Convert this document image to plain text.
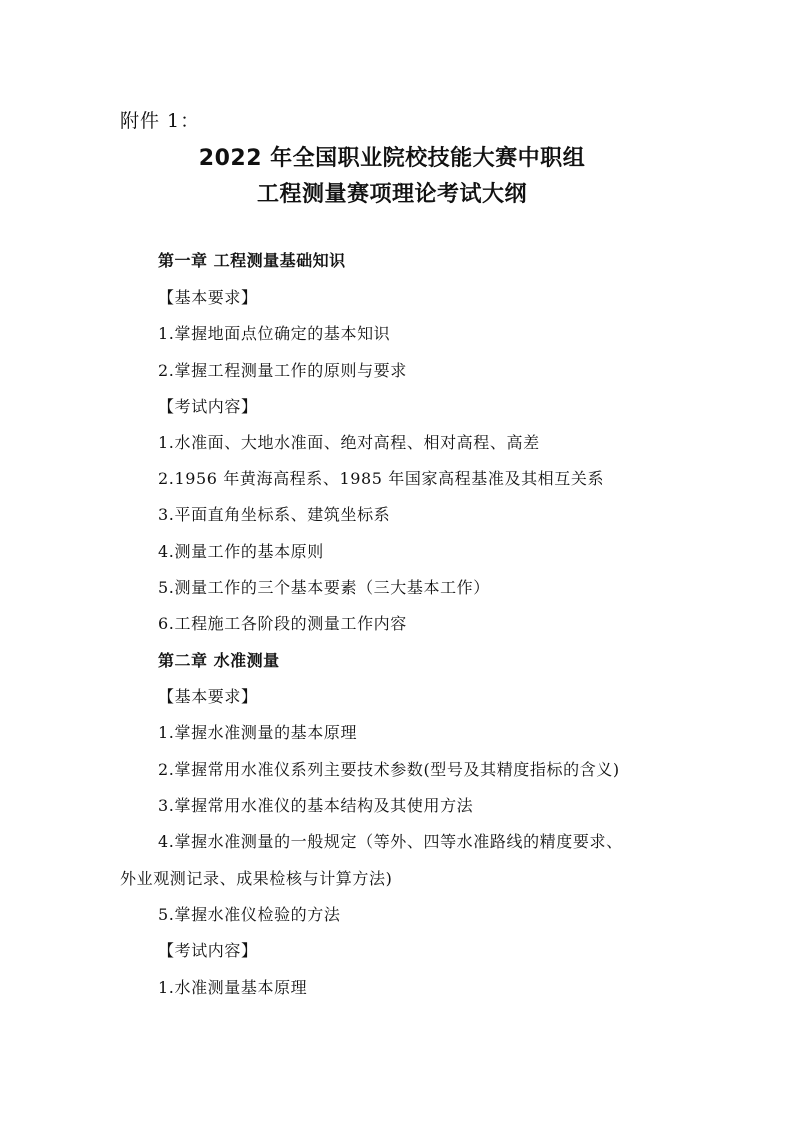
附件 1：
2022 年全国职业院校技能大赛中职组
工程测量赛项理论考试大纲
第一章 工程测量基础知识
【基本要求】
1.掌握地面点位确定的基本知识
2.掌握工程测量工作的原则与要求
【考试内容】
1.水准面、大地水准面、绝对高程、相对高程、高差
2.1956 年黄海高程系、1985 年国家高程基准及其相互关系
3.平面直角坐标系、建筑坐标系
4.测量工作的基本原则
5.测量工作的三个基本要素（三大基本工作）
6.工程施工各阶段的测量工作内容
第二章 水准测量
【基本要求】
1.掌握水准测量的基本原理
2.掌握常用水准仪系列主要技术参数(型号及其精度指标的含义)
3.掌握常用水准仪的基本结构及其使用方法
4.掌握水准测量的一般规定（等外、四等水准路线的精度要求、
外业观测记录、成果检核与计算方法)
5.掌握水准仪检验的方法
【考试内容】
1.水准测量基本原理
